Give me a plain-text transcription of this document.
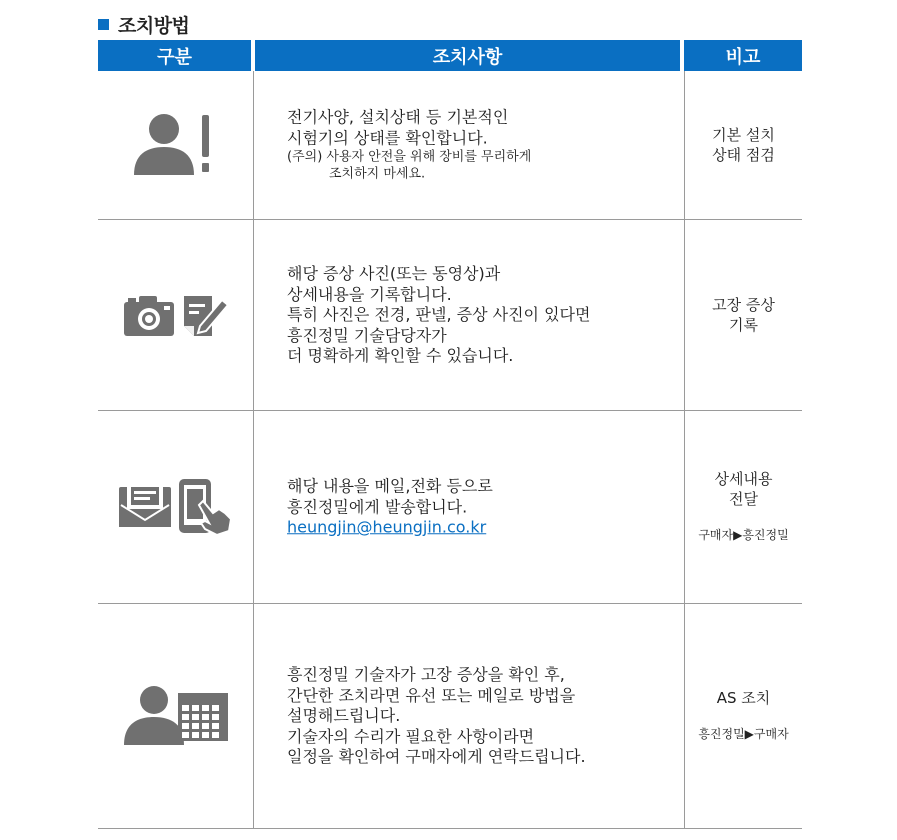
조치방법
구분	조치사항	비고
전기사양, 설치상태 등 기본적인
시험기의 상태를 확인합니다.
(주의) 사용자 안전을 위해 장비를 무리하게
조치하지 마세요.
기본 설치
상태 점검
해당 증상 사진(또는 동영상)과
상세내용을 기록합니다.
특히 사진은 전경, 판넬, 증상 사진이 있다면
흥진정밀 기술담당자가
더 명확하게 확인할 수 있습니다.
고장 증상
기록
해당 내용을 메일,전화 등으로
흥진정밀에게 발송합니다.
heungjin@heungjin.co.kr
상세내용
전달
구매자▶흥진정밀
흥진정밀 기술자가 고장 증상을 확인 후,
간단한 조치라면 유선 또는 메일로 방법을
설명해드립니다.
기술자의 수리가 필요한 사항이라면
일정을 확인하여 구매자에게 연락드립니다.
AS 조치
흥진정밀▶구매자
